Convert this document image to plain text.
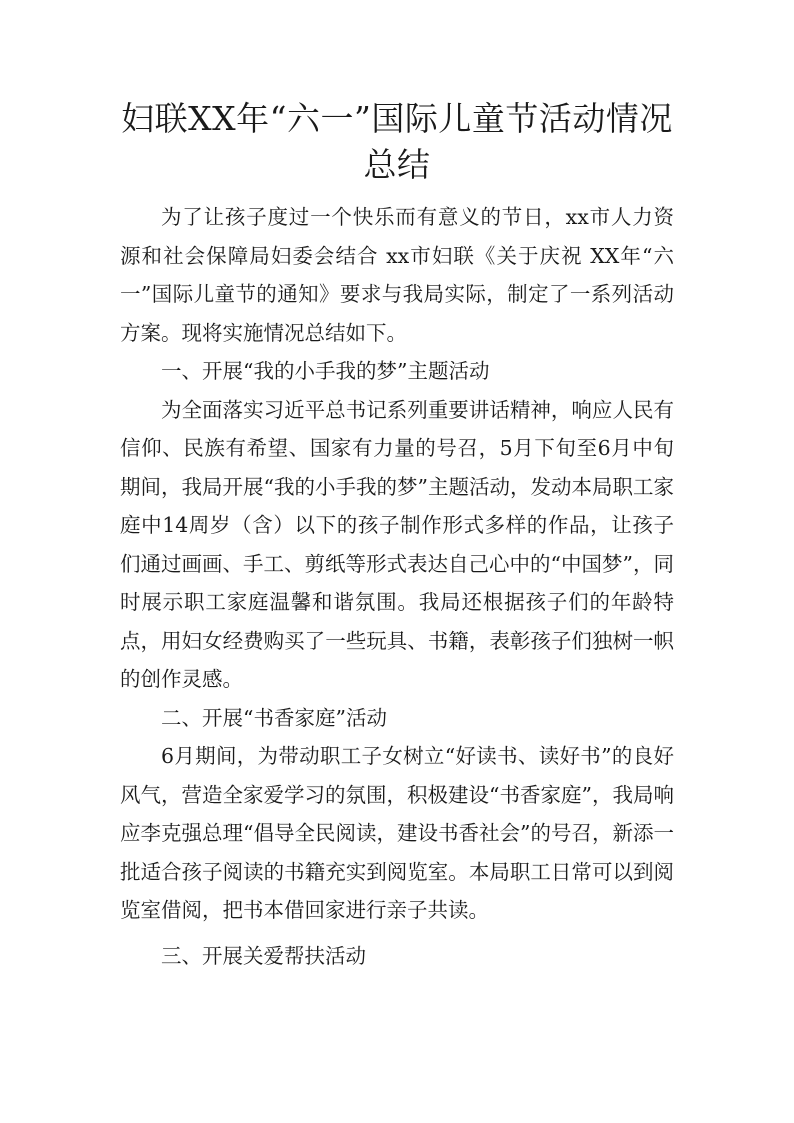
妇联XX年“六一”国际儿童节活动情况
总结

为了让孩子度过一个快乐而有意义的节日，xx市人力资源和社会保障局妇委会结合 xx市妇联《关于庆祝 XX年“六一”国际儿童节的通知》要求与我局实际，制定了一系列活动方案。现将实施情况总结如下。

一、开展“我的小手我的梦”主题活动

为全面落实习近平总书记系列重要讲话精神，响应人民有信仰、民族有希望、国家有力量的号召，5月下旬至6月中旬期间，我局开展“我的小手我的梦”主题活动，发动本局职工家庭中14周岁（含）以下的孩子制作形式多样的作品，让孩子们通过画画、手工、剪纸等形式表达自己心中的“中国梦”，同时展示职工家庭温馨和谐氛围。我局还根据孩子们的年龄特点，用妇女经费购买了一些玩具、书籍，表彰孩子们独树一帜的创作灵感。

二、开展“书香家庭”活动

6月期间，为带动职工子女树立“好读书、读好书”的良好风气，营造全家爱学习的氛围，积极建设“书香家庭”，我局响应李克强总理“倡导全民阅读，建设书香社会”的号召，新添一批适合孩子阅读的书籍充实到阅览室。本局职工日常可以到阅览室借阅，把书本借回家进行亲子共读。

三、开展关爱帮扶活动
